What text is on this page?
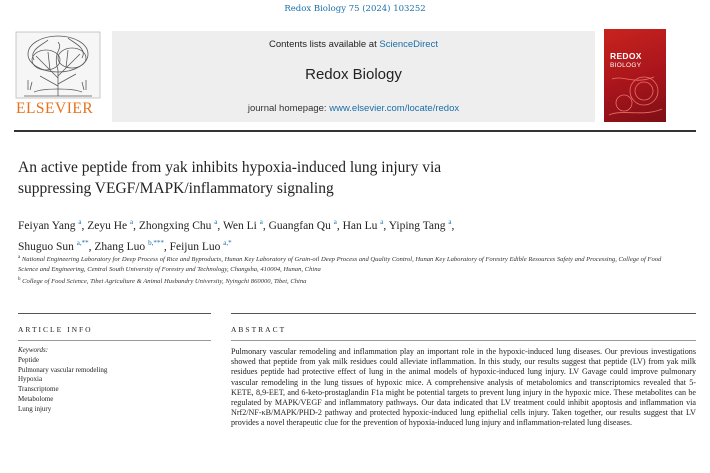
Redox Biology 75 (2024) 103252
ELSEVIER
Contents lists available at ScienceDirect
Redox Biology
journal homepage: www.elsevier.com/locate/redox
REDOX
BIOLOGY
An active peptide from yak inhibits hypoxia-induced lung injury via
suppressing VEGF/MAPK/inflammatory signaling
Feiyan Yang $^a$, Zeyu He $^a$, Zhongxing Chu $^a$, Wen Li $^a$, Guangfan Qu $^a$, Han Lu $^a$, Yiping Tang $^a$,
Shuguo Sun $^{a,**}$, Zhang Luo $^{b,***}$, Feijun Luo $^{a,*}$
$^a$ National Engineering Laboratory for Deep Process of Rice and Byproducts, Hunan Key Laboratory of Grain-oil Deep Process and Quality Control, Hunan Key Laboratory of Forestry Edible Resources Safety and Processing, College of Food Science and Engineering, Central South University of Forestry and Technology, Changsha, 410004, Hunan, China
$^b$ College of Food Science, Tibet Agriculture & Animal Husbandry University, Nyingchi 860000, Tibet, China
ARTICLE INFO	ABSTRACT
Keywords:
Peptide
Pulmonary vascular remodeling
Hypoxia
Transcriptome
Metabolome
Lung injury
Pulmonary vascular remodeling and inflammation play an important role in the hypoxic-induced lung diseases. Our previous investigations showed that peptide from yak milk residues could alleviate inflammation. In this study, our results suggest that peptide (LV) from yak milk residues peptide had protective effect of lung in the animal models of hypoxic-induced lung injury. LV Gavage could improve pulmonary vascular remodeling in the lung tissues of hypoxic mice. A comprehensive analysis of metabolomics and transcriptomics revealed that 5-KETE, 8,9-EET, and 6-keto-prostaglandin F1a might be potential targets to prevent lung injury in the hypoxic mice. These metabolites can be regulated by MAPK/VEGF and inflammatory pathways. Our data indicated that LV treatment could inhibit apoptosis and inflammation via Nrf2/NF-κB/MAPK/PHD-2 pathway and protected hypoxic-induced lung epithelial cells injury. Taken together, our results suggest that LV provides a novel therapeutic clue for the prevention of hypoxia-induced lung injury and inflammation-related lung diseases.
